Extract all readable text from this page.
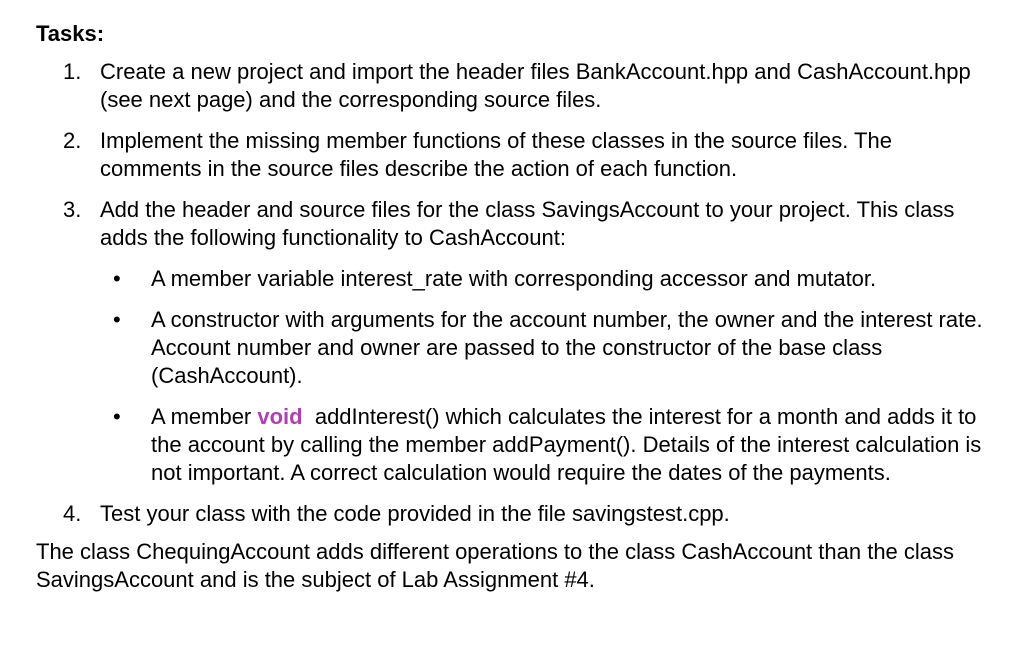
Tasks:
1. Create a new project and import the header files BankAccount.hpp and CashAccount.hpp (see next page) and the corresponding source files.
2. Implement the missing member functions of these classes in the source files. The comments in the source files describe the action of each function.
3. Add the header and source files for the class SavingsAccount to your project. This class adds the following functionality to CashAccount:
• A member variable interest_rate with corresponding accessor and mutator.
• A constructor with arguments for the account number, the owner and the interest rate. Account number and owner are passed to the constructor of the base class (CashAccount).
• A member void  addInterest() which calculates the interest for a month and adds it to the account by calling the member addPayment(). Details of the interest calculation is not important. A correct calculation would require the dates of the payments.
4. Test your class with the code provided in the file savingstest.cpp.
The class ChequingAccount adds different operations to the class CashAccount than the class SavingsAccount and is the subject of Lab Assignment #4.
